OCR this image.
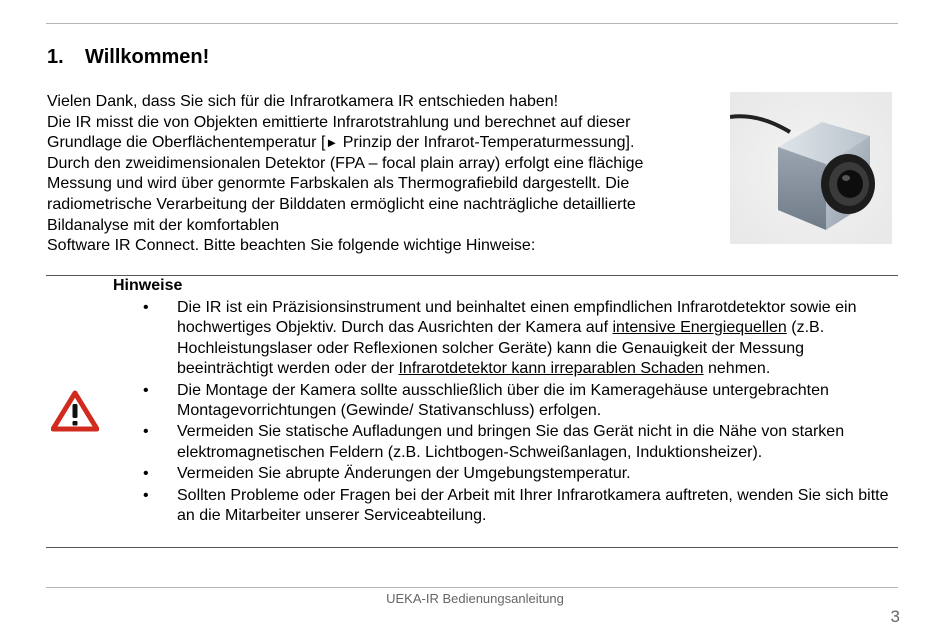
1. Willkommen!

Vielen Dank, dass Sie sich für die Infrarotkamera IR entschieden haben!

Die IR misst die von Objekten emittierte Infrarotstrahlung und berechnet auf dieser

Grundlage die Oberflächentemperatur [► Prinzip der Infrarot-Temperaturmessung].

Durch den zweidimensionalen Detektor (FPA – focal plain array) erfolgt eine flächige

Messung und wird über genormte Farbskalen als Thermografiebild dargestellt. Die

radiometrische Verarbeitung der Bilddaten ermöglicht eine nachträgliche detaillierte

Bildanalyse mit der komfortablen

Software IR Connect. Bitte beachten Sie folgende wichtige Hinweise:

Hinweise
• Die IR ist ein Präzisionsinstrument und beinhaltet einen empfindlichen Infrarotdetektor sowie ein hochwertiges Objektiv. Durch das Ausrichten der Kamera auf intensive Energiequellen (z.B. Hochleistungslaser oder Reflexionen solcher Geräte) kann die Genauigkeit der Messung beeinträchtigt werden oder der Infrarotdetektor kann irreparablen Schaden nehmen.
• Die Montage der Kamera sollte ausschließlich über die im Kameragehäuse untergebrachten Montagevorrichtungen (Gewinde/ Stativanschluss) erfolgen.
• Vermeiden Sie statische Aufladungen und bringen Sie das Gerät nicht in die Nähe von starken elektromagnetischen Feldern (z.B. Lichtbogen-Schweißanlagen, Induktionsheizer).
• Vermeiden Sie abrupte Änderungen der Umgebungstemperatur.
• Sollten Probleme oder Fragen bei der Arbeit mit Ihrer Infrarotkamera auftreten, wenden Sie sich bitte an die Mitarbeiter unserer Serviceabteilung.
UEKA-IR Bedienungsanleitung
3
